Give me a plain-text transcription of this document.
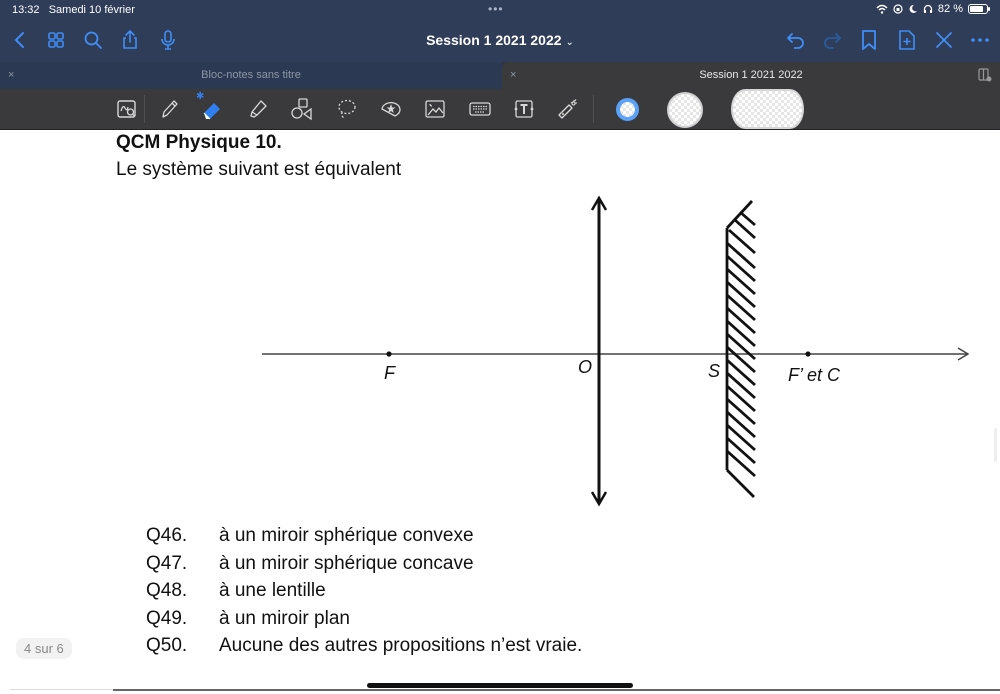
13:32 Samedi 10 février	•••	82 %
Session 1 2021 2022 ⌄
×	Bloc-notes sans titre	×	Session 1 2021 2022
✱
QCM Physique 10.
Le système suivant est équivalent
F	O	S	F’ et C
Q46.	à un miroir sphérique convexe
Q47.	à un miroir sphérique concave
Q48.	à une lentille
Q49.	à un miroir plan
Q50.	Aucune des autres propositions n’est vraie.
4 sur 6
